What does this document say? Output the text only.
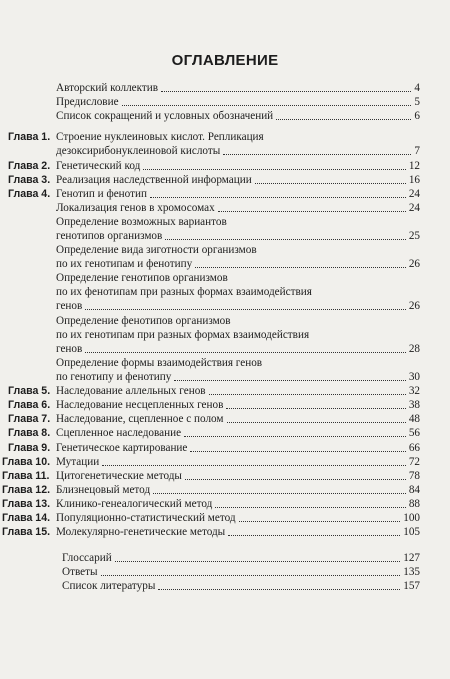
ОГЛАВЛЕНИЕ
Авторский коллектив	4
Предисловие	5
Список сокращений и условных обозначений	6
Глава 1. Строение нуклеиновых кислот. Репликация
дезоксирибонуклеиновой кислоты	7
Глава 2. Генетический код	12
Глава 3. Реализация наследственной информации	16
Глава 4. Генотип и фенотип	24
Локализация генов в хромосомах	24
Определение возможных вариантов
генотипов организмов	25
Определение вида зиготности организмов
по их генотипам и фенотипу	26
Определение генотипов организмов
по их фенотипам при разных формах взаимодействия
генов	26
Определение фенотипов организмов
по их генотипам при разных формах взаимодействия
генов	28
Определение формы взаимодействия генов
по генотипу и фенотипу	30
Глава 5. Наследование аллельных генов	32
Глава 6. Наследование несцепленных генов	38
Глава 7. Наследование, сцепленное с полом	48
Глава 8. Сцепленное наследование	56
Глава 9. Генетическое картирование	66
Глава 10. Мутации	72
Глава 11. Цитогенетические методы	78
Глава 12. Близнецовый метод	84
Глава 13. Клинико-генеалогический метод	88
Глава 14. Популяционно-статистический метод	100
Глава 15. Молекулярно-генетические методы	105
Глоссарий	127
Ответы	135
Список литературы	157
